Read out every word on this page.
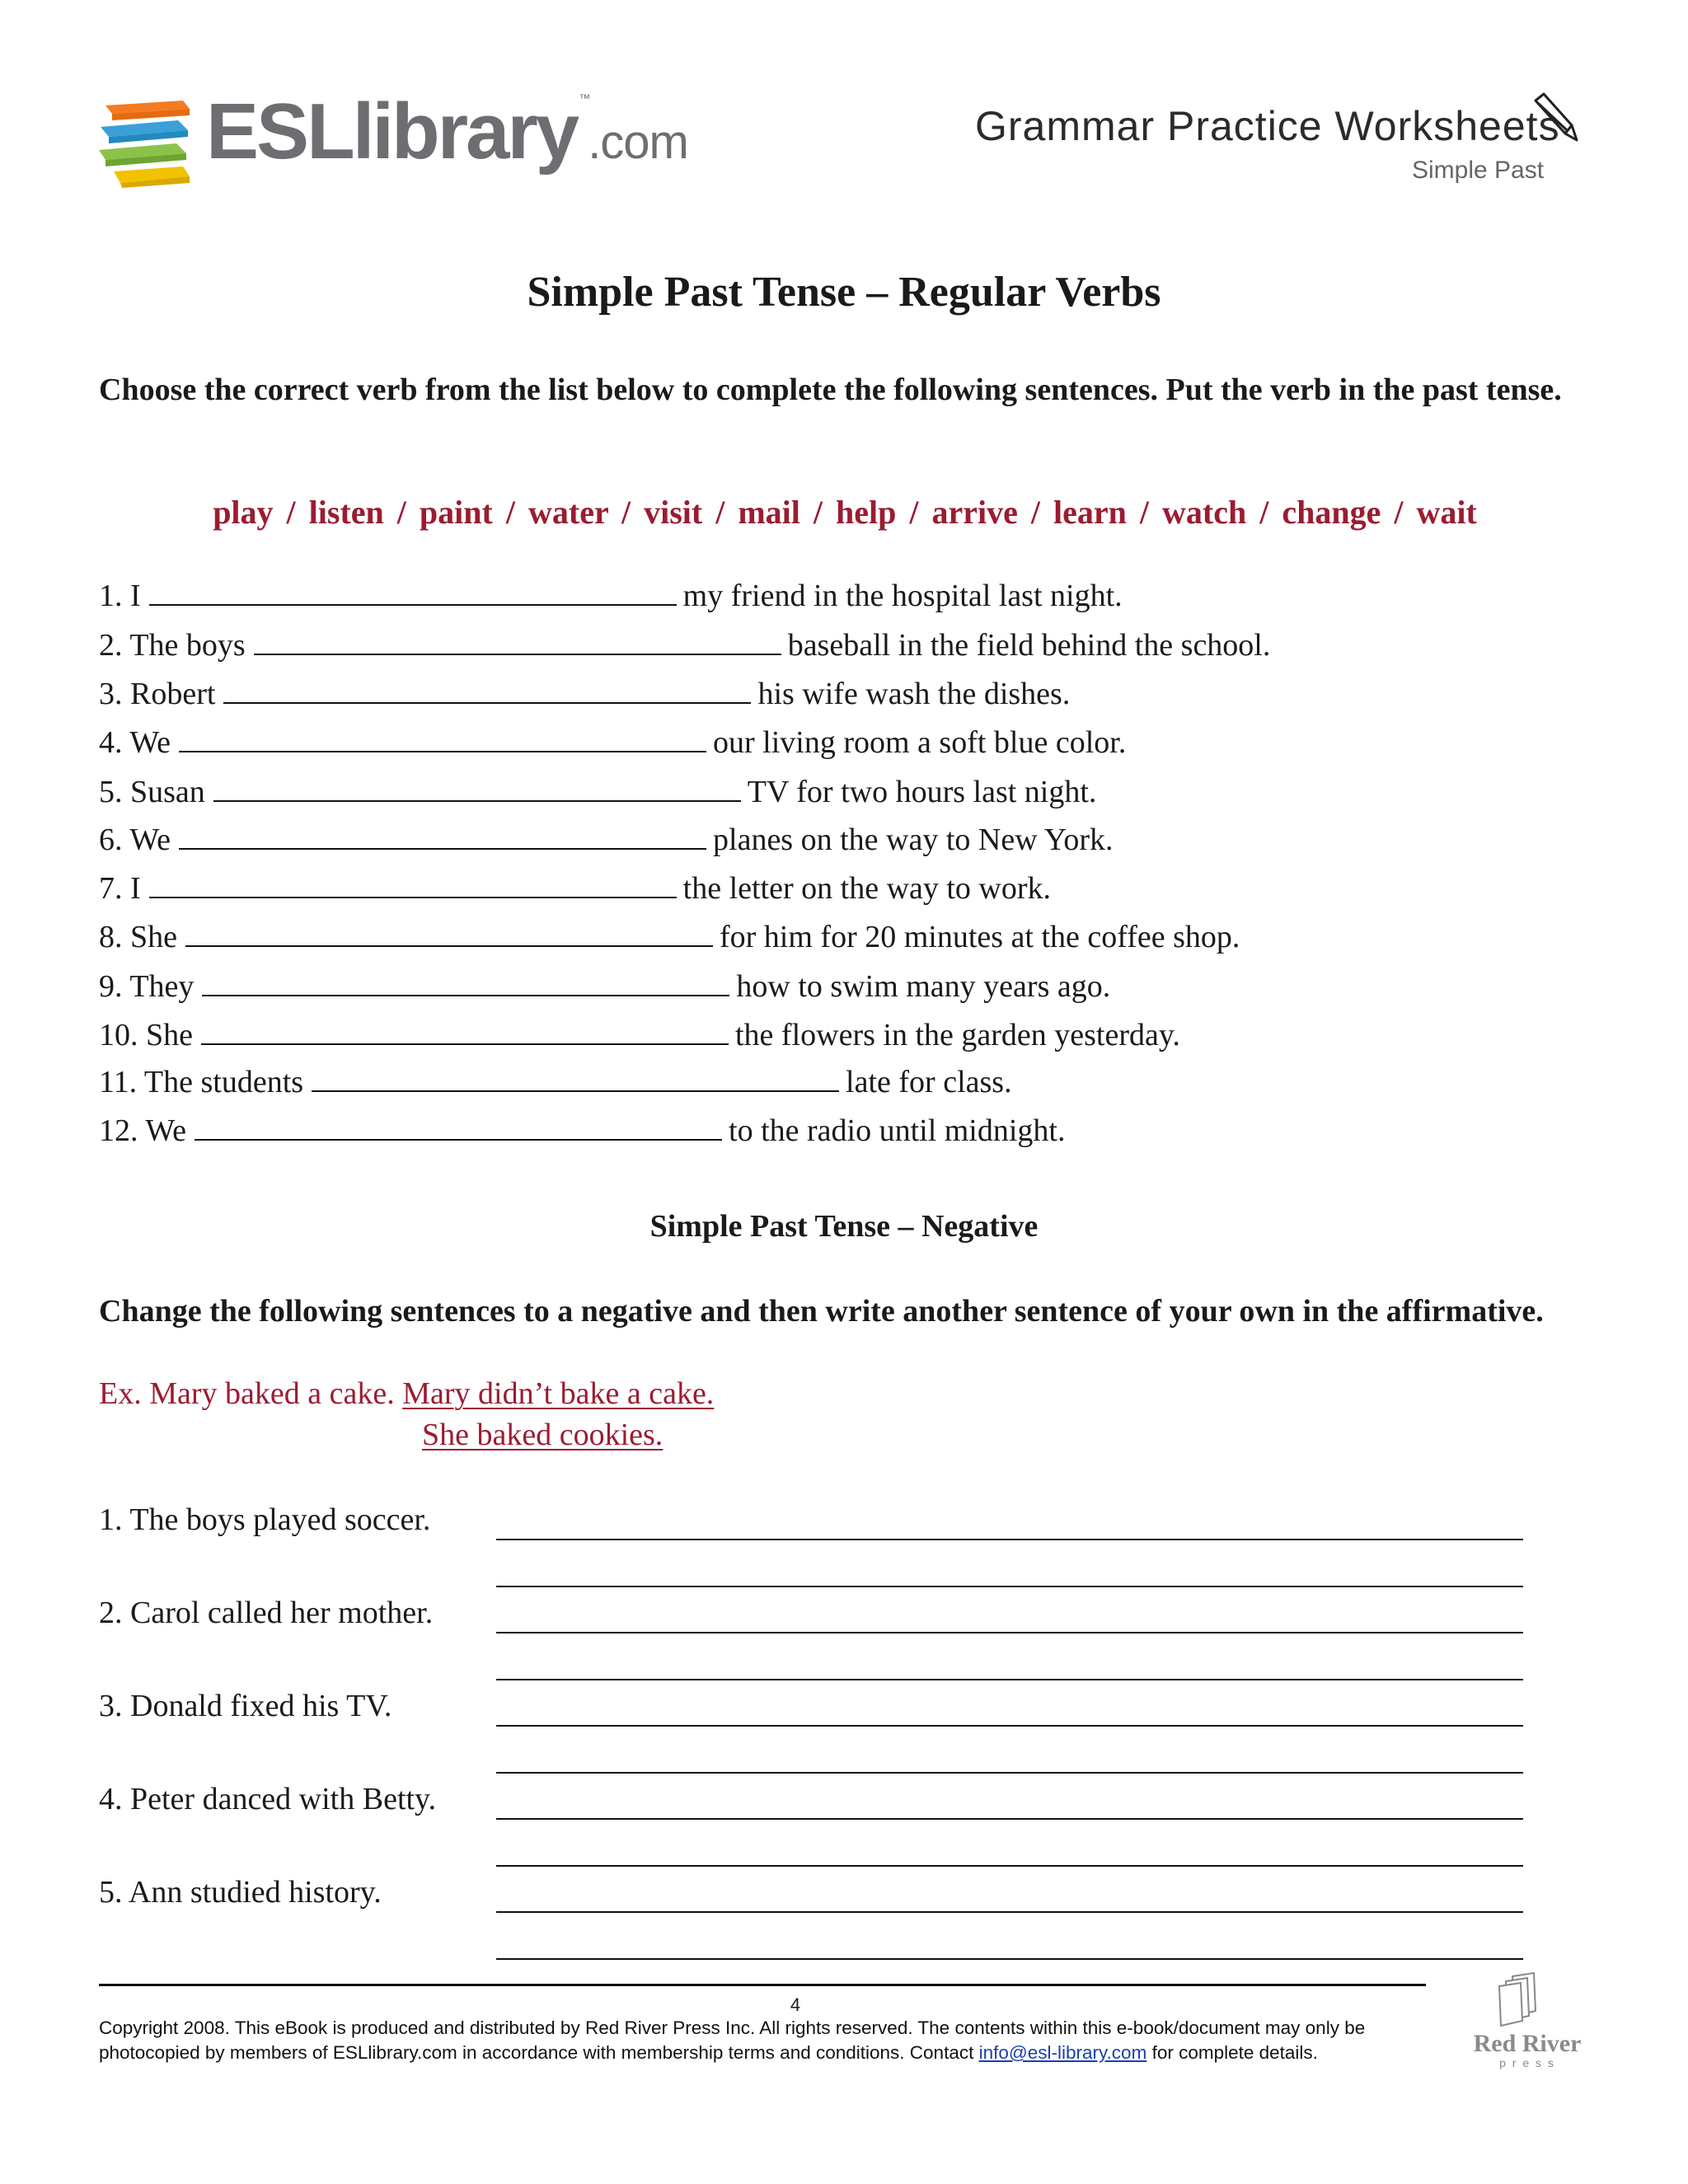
ESLlibrary ™.com	Grammar Practice Worksheets
Simple Past
Simple Past Tense – Regular Verbs
Choose the correct verb from the list below to complete the following sentences. Put the verb in the past tense.
play / listen / paint / water / visit / mail / help / arrive / learn / watch / change / wait
1. I	my friend in the hospital last night.
2. The boys	baseball in the field behind the school.
3. Robert	his wife wash the dishes.
4. We	our living room a soft blue color.
5. Susan	TV for two hours last night.
6. We	planes on the way to New York.
7. I	the letter on the way to work.
8. She	for him for 20 minutes at the coffee shop.
9. They	how to swim many years ago.
10. She	the flowers in the garden yesterday.
11. The students	late for class.
12. We	to the radio until midnight.
Simple Past Tense – Negative
Change the following sentences to a negative and then write another sentence of your own in the affirmative.
Ex. Mary baked a cake. Mary didn’t bake a cake.
She baked cookies.
1. The boys played soccer.
2. Carol called her mother.
3. Donald fixed his TV.
4. Peter danced with Betty.
5. Ann studied history.
4
Copyright 2008. This eBook is produced and distributed by Red River Press Inc. All rights reserved. The contents within this e-book/document may only be photocopied by members of ESLlibrary.com in accordance with membership terms and conditions. Contact info@esl-library.com for complete details.	Red River
p r e s s
